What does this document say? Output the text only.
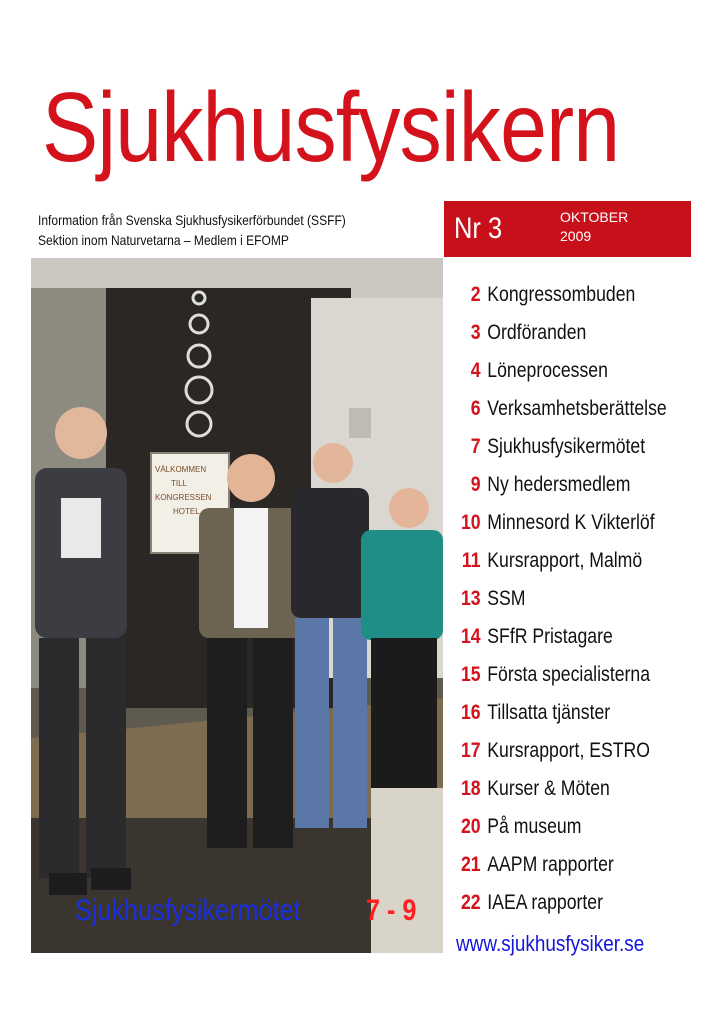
Sjukhusfysikern
Information från Svenska Sjukhusfysikerförbundet (SSFF)
Sektion inom Naturvetarna – Medlem i EFOMP	Nr 3	OKTOBER
2009
VÄLKOMMEN
TILL
KONGRESSEN
HOTEL
Sjukhusfysikermötet 7 - 9
2 Kongressombuden
3 Ordföranden
4 Löneprocessen
6 Verksamhetsberättelse
7 Sjukhusfysikermötet
9 Ny hedersmedlem
10 Minnesord K Vikterlöf
11 Kursrapport, Malmö
13 SSM
14 SFfR Pristagare
15 Första specialisterna
16 Tillsatta tjänster
17 Kursrapport, ESTRO
18 Kurser & Möten
20 På museum
21 AAPM rapporter
22 IAEA rapporter
www.sjukhusfysiker.se
